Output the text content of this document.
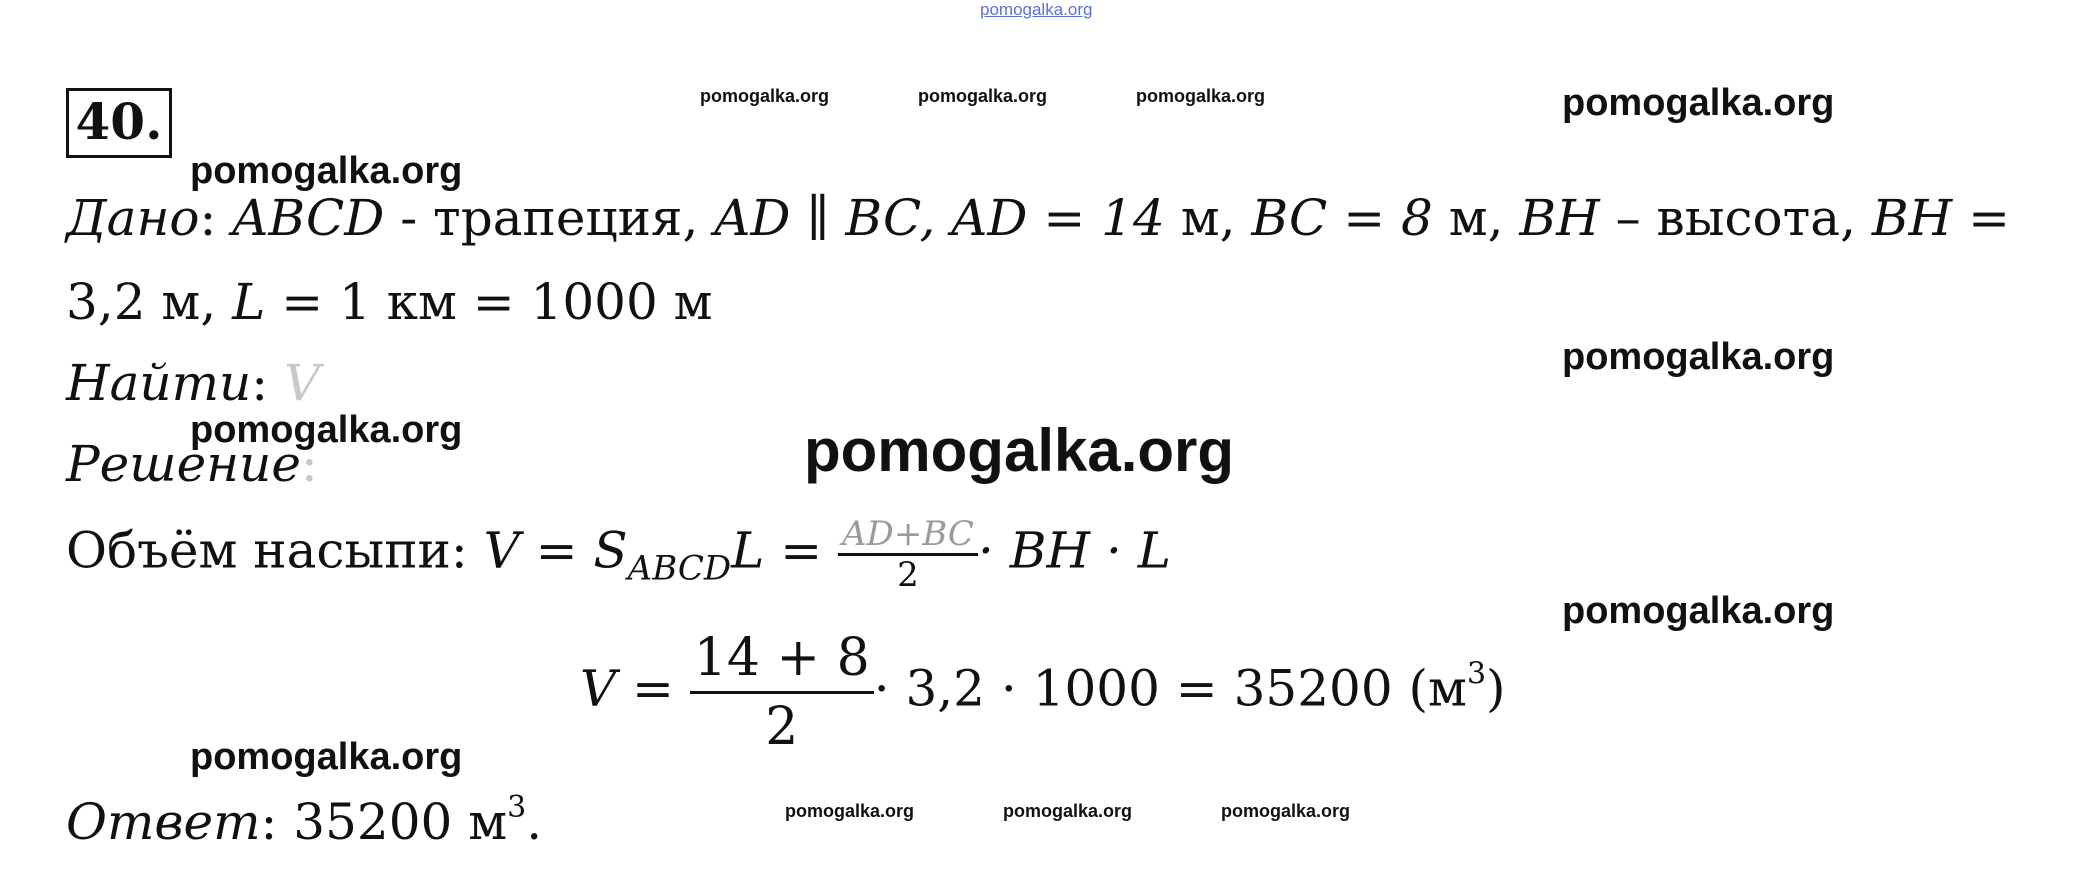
pomogalka.org
pomogalka.org	pomogalka.org	pomogalka.org
pomogalka.org	pomogalka.org	pomogalka.org
pomogalka.org
pomogalka.org
pomogalka.org
pomogalka.org
pomogalka.org
pomogalka.org
pomogalka.org
40.
Дано: ABCD - трапеция, AD ∥ BC, AD = 14 м, BC = 8 м, BH – высота, BH =
3,2 м, L = 1 км = 1000 м
Найти: V
Решение:
Объём насыпи: $V = S_{ABCD}L = \frac{AD+BC}{2}$ · BH · L
$V = \frac{14 + 8}{2} \cdot 3,2 \cdot 1000 = 35200$ $(м^3)$
Ответ: 35200 $м^3$.
